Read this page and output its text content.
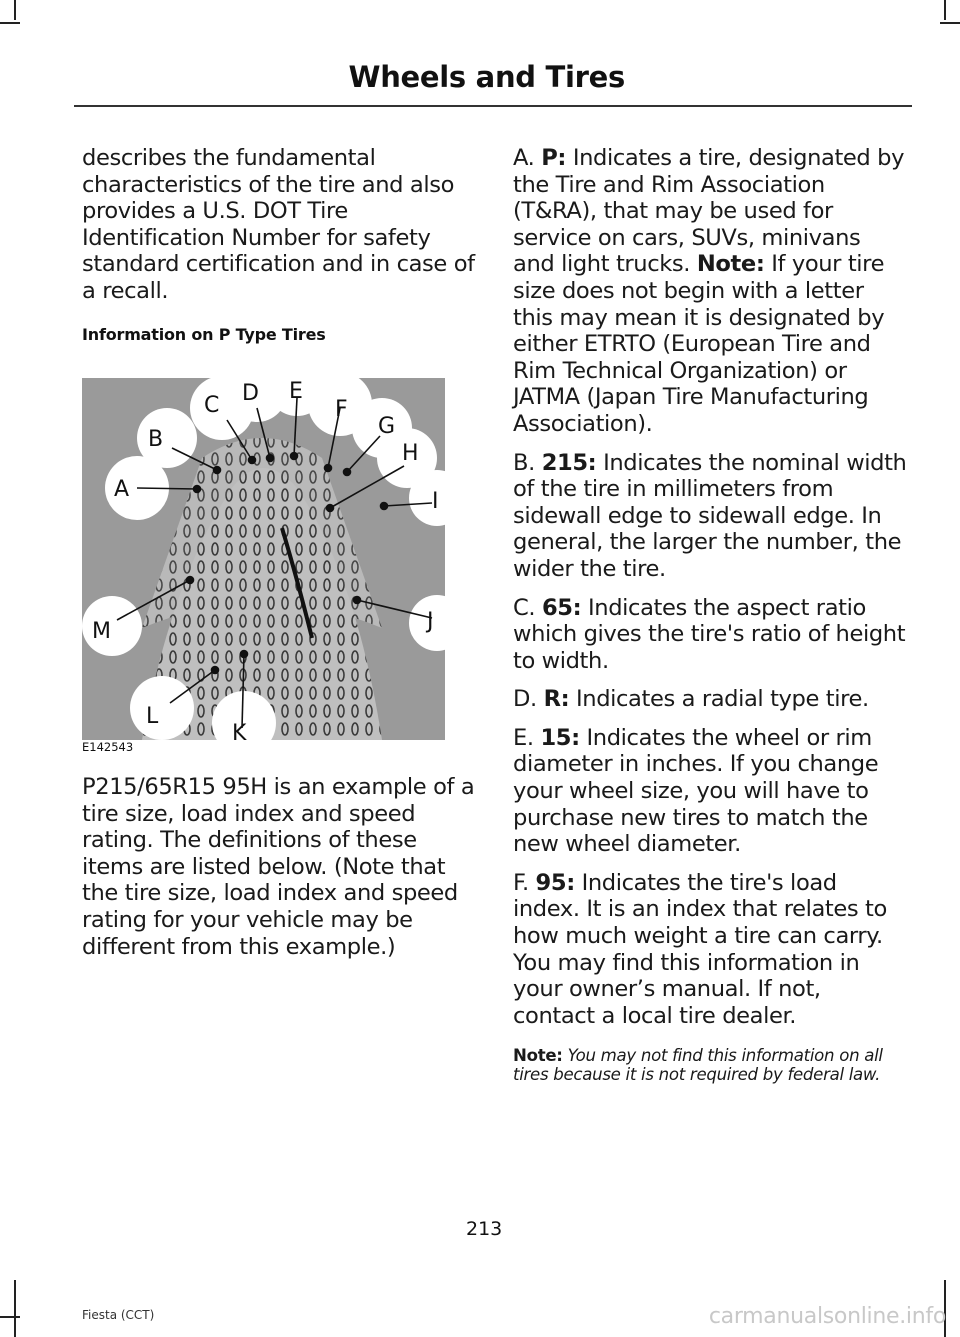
Wheels and Tires

describes the fundamental characteristics of the tire and also provides a U.S. DOT Tire Identification Number for safety standard certification and in case of a recall.

Information on P Type Tires

A
B
C D E
F
G
H
I
J
K
L
M
E142543

P215/65R15 95H is an example of a tire size, load index and speed rating. The definitions of these items are listed below. (Note that the tire size, load index and speed rating for your vehicle may be different from this example.)

A. P: Indicates a tire, designated by the Tire and Rim Association (T&RA), that may be used for service on cars, SUVs, minivans and light trucks. Note: If your tire size does not begin with a letter this may mean it is designated by either ETRTO (European Tire and Rim Technical Organization) or JATMA (Japan Tire Manufacturing Association).

B. 215: Indicates the nominal width of the tire in millimeters from sidewall edge to sidewall edge. In general, the larger the number, the wider the tire.

C. 65: Indicates the aspect ratio which gives the tire's ratio of height to width.

D. R: Indicates a radial type tire.

E. 15: Indicates the wheel or rim diameter in inches. If you change your wheel size, you will have to purchase new tires to match the new wheel diameter.

F. 95: Indicates the tire's load index. It is an index that relates to how much weight a tire can carry. You may find this information in your owner’s manual. If not, contact a local tire dealer.

Note: You may not find this information on all tires because it is not required by federal law.

213
Fiesta (CCT)	carmanualsonline.info
